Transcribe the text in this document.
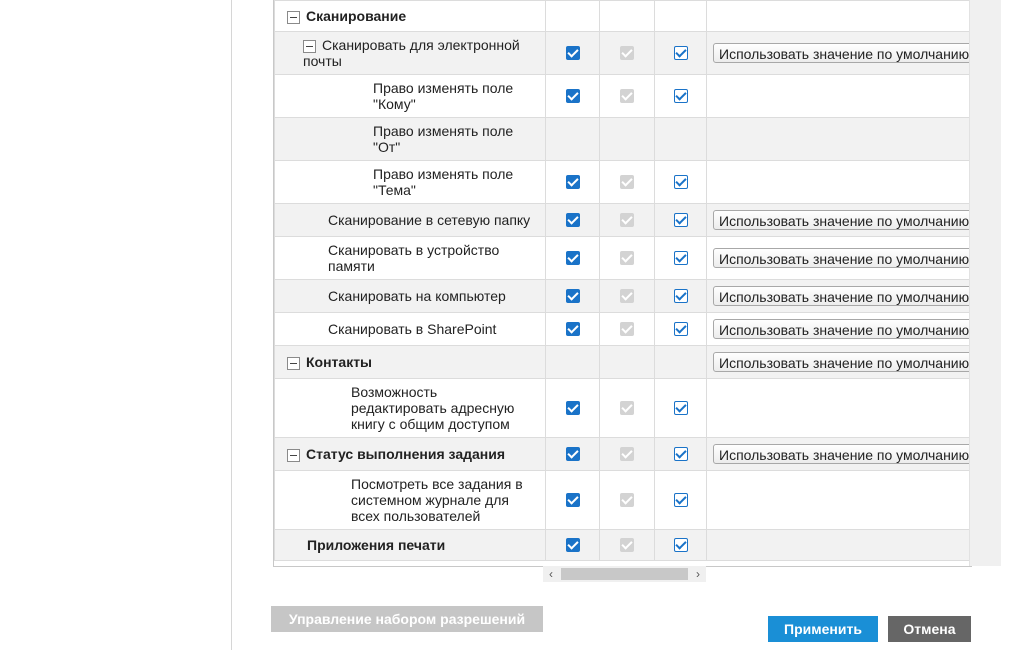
Сканирование				

Сканировать для электронной почты				Использовать значение по умолчанию

Право изменять поле "Кому"				

Право изменять поле "От"				

Право изменять поле "Тема"				

Сканирование в сетевую папку				Использовать значение по умолчанию

Сканировать в устройство памяти				Использовать значение по умолчанию

Сканировать на компьютер				Использовать значение по умолчанию

Сканировать в SharePoint				Использовать значение по умолчанию

Контакты				Использовать значение по умолчанию

Возможность редактировать адресную книгу с общим доступом				

Статус выполнения задания				Использовать значение по умолчанию

Посмотреть все задания в системном журнале для всех пользователей				

Приложения печати				

‹	›
Управление набором разрешений
Применить	Отмена
